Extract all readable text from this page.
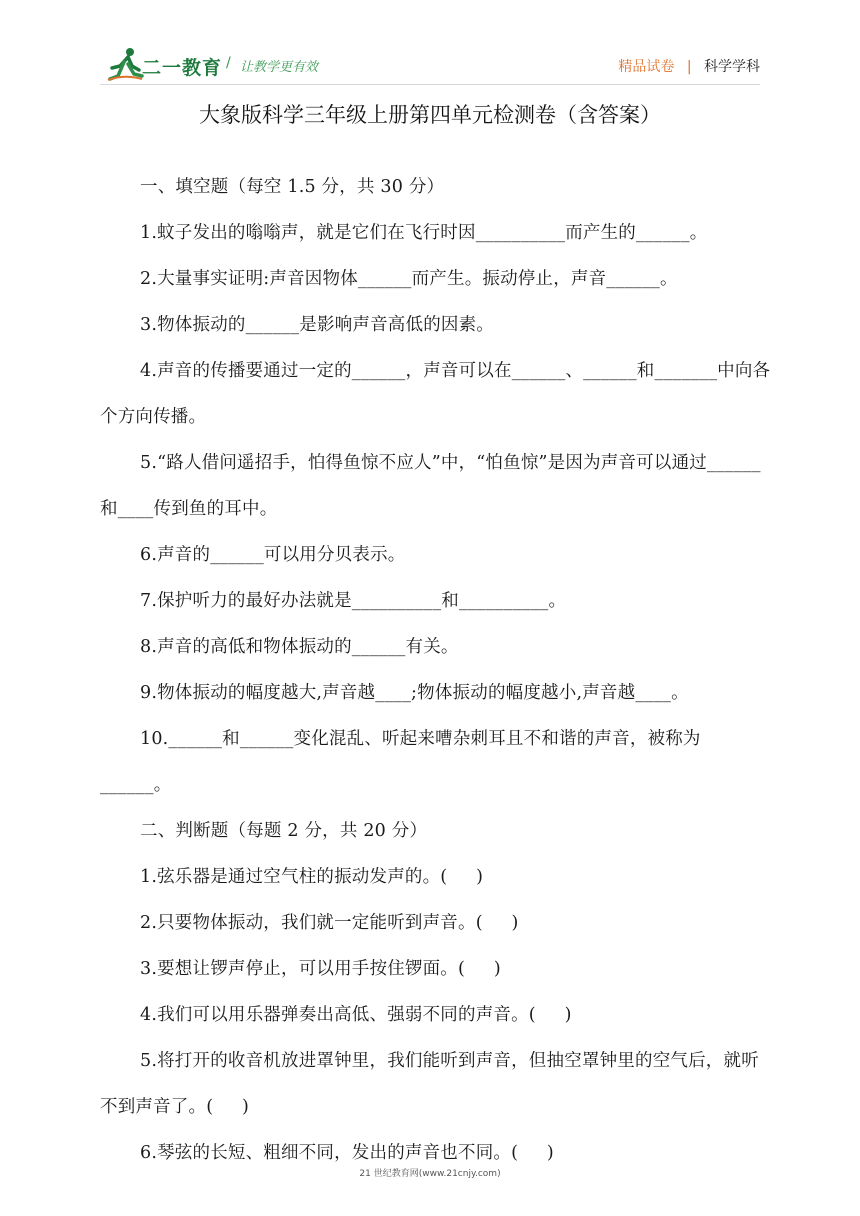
二一教育 / 让教学更有效	精品试卷 | 科学学科
大象版科学三年级上册第四单元检测卷（含答案）

一、填空题（每空 1.5 分，共 30 分）

1.蚊子发出的嗡嗡声，就是它们在飞行时因__________而产生的______。

2.大量事实证明:声音因物体______而产生。振动停止，声音______。

3.物体振动的______是影响声音高低的因素。

4.声音的传播要通过一定的______，声音可以在______、______和_______中向各个方向传播。

5.“路人借问遥招手，怕得鱼惊不应人”中，“怕鱼惊”是因为声音可以通过______和____传到鱼的耳中。

6.声音的______可以用分贝表示。

7.保护听力的最好办法就是__________和__________。

8.声音的高低和物体振动的______有关。

9.物体振动的幅度越大,声音越____;物体振动的幅度越小,声音越____。

10.______和______变化混乱、听起来嘈杂刺耳且不和谐的声音，被称为______。

二、判断题（每题 2 分，共 20 分）

1.弦乐器是通过空气柱的振动发声的。(     )

2.只要物体振动，我们就一定能听到声音。(     )

3.要想让锣声停止，可以用手按住锣面。(     )

4.我们可以用乐器弹奏出高低、强弱不同的声音。(     )

5.将打开的收音机放进罩钟里，我们能听到声音，但抽空罩钟里的空气后，就听不到声音了。(     )

6.琴弦的长短、粗细不同，发出的声音也不同。(     )

21 世纪教育网(www.21cnjy.com)
